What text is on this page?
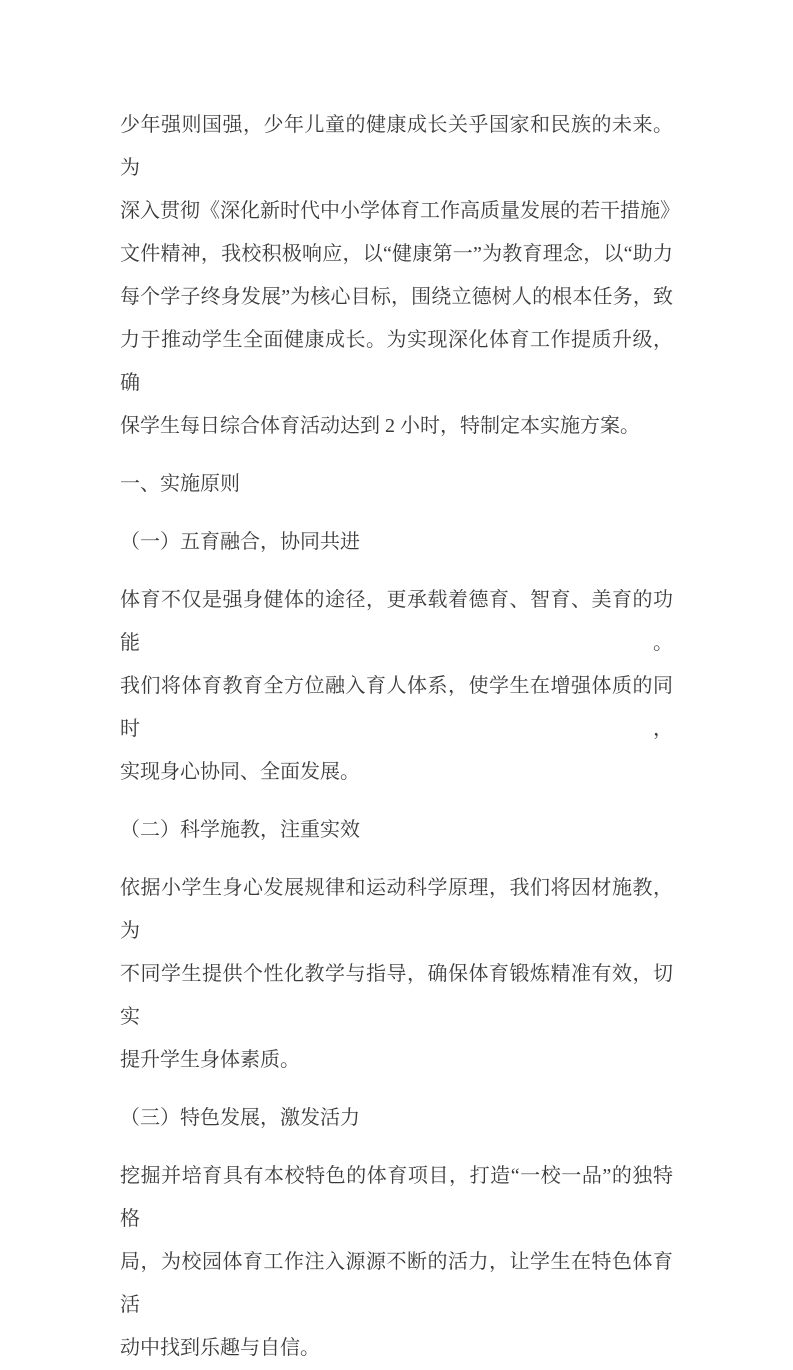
少年强则国强，少年儿童的健康成长关乎国家和民族的未来。为
深入贯彻《深化新时代中小学体育工作高质量发展的若干措施》
文件精神，我校积极响应，以“健康第一”为教育理念，以“助力
每个学子终身发展”为核心目标，围绕立德树人的根本任务，致
力于推动学生全面健康成长。为实现深化体育工作提质升级，确
保学生每日综合体育活动达到 2 小时，特制定本实施方案。
一、实施原则
（一）五育融合，协同共进
体育不仅是强身健体的途径，更承载着德育、智育、美育的功能。
我们将体育教育全方位融入育人体系，使学生在增强体质的同时，
实现身心协同、全面发展。
（二）科学施教，注重实效
依据小学生身心发展规律和运动科学原理，我们将因材施教，为
不同学生提供个性化教学与指导，确保体育锻炼精准有效，切实
提升学生身体素质。
（三）特色发展，激发活力
挖掘并培育具有本校特色的体育项目，打造“一校一品”的独特格
局，为校园体育工作注入源源不断的活力，让学生在特色体育活
动中找到乐趣与自信。
